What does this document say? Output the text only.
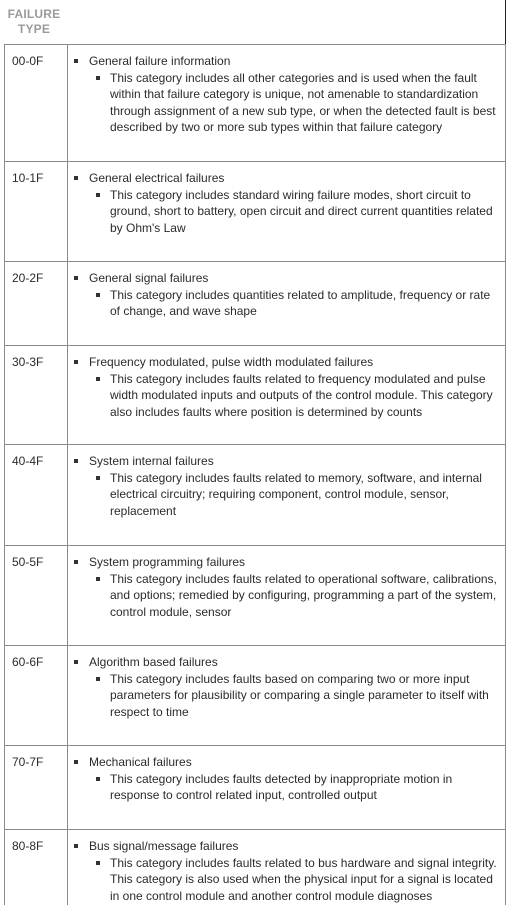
FAILURE
TYPE
00-0F	General failure information
This category includes all other categories and is used when the fault within that failure category is unique, not amenable to standardization through assignment of a new sub type, or when the detected fault is best described by two or more sub types within that failure category
10-1F	General electrical failures
This category includes standard wiring failure modes, short circuit to ground, short to battery, open circuit and direct current quantities related by Ohm's Law
20-2F	General signal failures
This category includes quantities related to amplitude, frequency or rate of change, and wave shape
30-3F	Frequency modulated, pulse width modulated failures
This category includes faults related to frequency modulated and pulse width modulated inputs and outputs of the control module. This category also includes faults where position is determined by counts
40-4F	System internal failures
This category includes faults related to memory, software, and internal electrical circuitry; requiring component, control module, sensor, replacement
50-5F	System programming failures
This category includes faults related to operational software, calibrations, and options; remedied by configuring, programming a part of the system, control module, sensor
60-6F	Algorithm based failures
This category includes faults based on comparing two or more input parameters for plausibility or comparing a single parameter to itself with respect to time
70-7F	Mechanical failures
This category includes faults detected by inappropriate motion in response to control related input, controlled output
80-8F	Bus signal/message failures
This category includes faults related to bus hardware and signal integrity. This category is also used when the physical input for a signal is located in one control module and another control module diagnoses
